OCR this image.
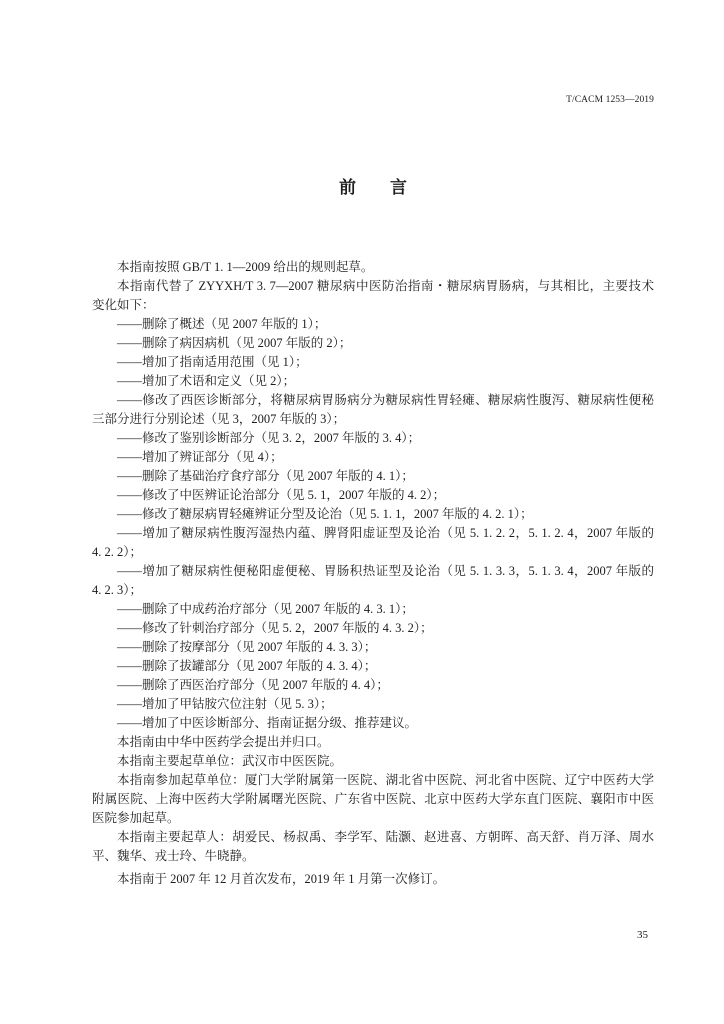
T/CACM 1253—2019
前　　言
本指南按照 GB/T 1. 1—2009 给出的规则起草。
本指南代替了 ZYYXH/T 3. 7—2007 糖尿病中医防治指南・糖尿病胃肠病，与其相比，主要技术
变化如下：
——删除了概述（见 2007 年版的 1）；
——删除了病因病机（见 2007 年版的 2）；
——增加了指南适用范围（见 1）；
——增加了术语和定义（见 2）；
——修改了西医诊断部分，将糖尿病胃肠病分为糖尿病性胃轻瘫、糖尿病性腹泻、糖尿病性便秘
三部分进行分别论述（见 3，2007 年版的 3）；
——修改了鉴别诊断部分（见 3. 2，2007 年版的 3. 4）；
——增加了辨证部分（见 4）；
——删除了基础治疗食疗部分（见 2007 年版的 4. 1）；
——修改了中医辨证论治部分（见 5. 1，2007 年版的 4. 2）；
——修改了糖尿病胃轻瘫辨证分型及论治（见 5. 1. 1，2007 年版的 4. 2. 1）；
——增加了糖尿病性腹泻湿热内蕴、脾肾阳虚证型及论治（见 5. 1. 2. 2，5. 1. 2. 4，2007 年版的
4. 2. 2）；
——增加了糖尿病性便秘阳虚便秘、胃肠积热证型及论治（见 5. 1. 3. 3，5. 1. 3. 4，2007 年版的
4. 2. 3）；
——删除了中成药治疗部分（见 2007 年版的 4. 3. 1）；
——修改了针刺治疗部分（见 5. 2，2007 年版的 4. 3. 2）；
——删除了按摩部分（见 2007 年版的 4. 3. 3）；
——删除了拔罐部分（见 2007 年版的 4. 3. 4）；
——删除了西医治疗部分（见 2007 年版的 4. 4）；
——增加了甲钴胺穴位注射（见 5. 3）；
——增加了中医诊断部分、指南证据分级、推荐建议。
本指南由中华中医药学会提出并归口。
本指南主要起草单位：武汉市中医医院。
本指南参加起草单位：厦门大学附属第一医院、湖北省中医院、河北省中医院、辽宁中医药大学
附属医院、上海中医药大学附属曙光医院、广东省中医院、北京中医药大学东直门医院、襄阳市中医
医院参加起草。
本指南主要起草人：胡爱民、杨叔禹、李学军、陆灏、赵进喜、方朝晖、高天舒、肖万泽、周水
平、魏华、戎士玲、牛晓静。
本指南于 2007 年 12 月首次发布，2019 年 1 月第一次修订。
35
